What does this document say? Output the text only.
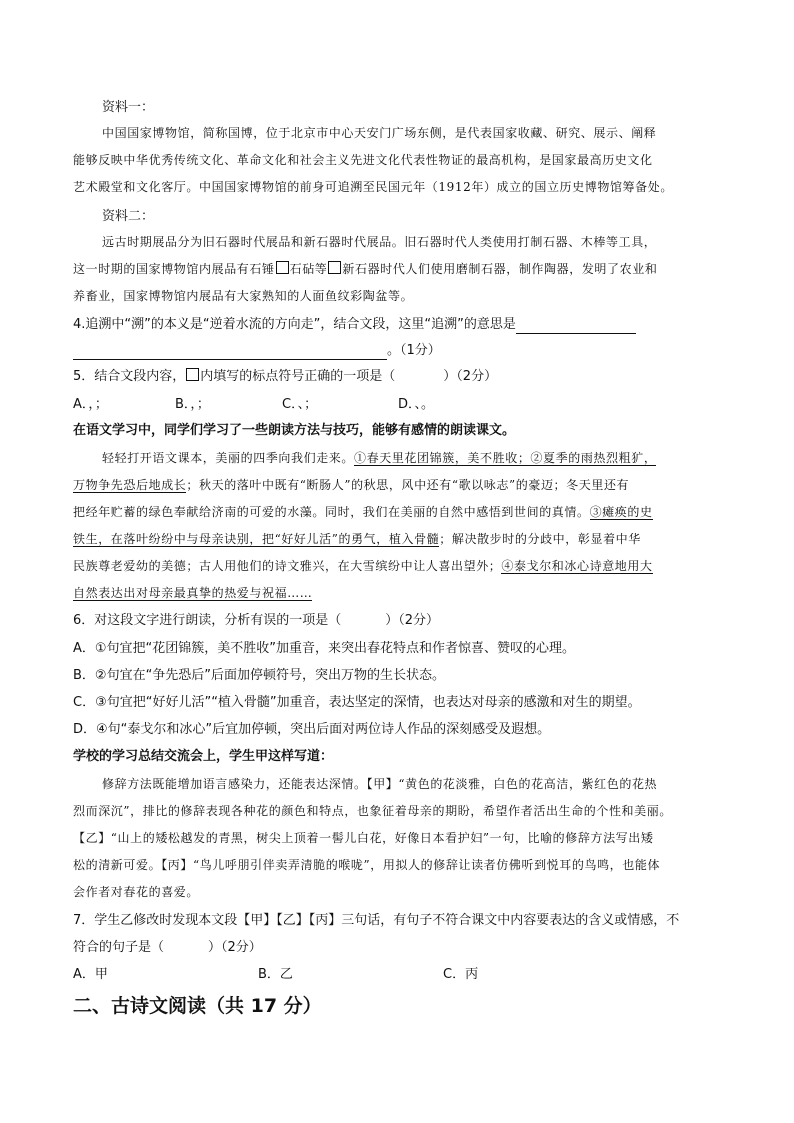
资料一：
中国国家博物馆，简称国博，位于北京市中心天安门广场东侧，是代表国家收藏、研究、展示、阐释
能够反映中华优秀传统文化、革命文化和社会主义先进文化代表性物证的最高机构，是国家最高历史文化
艺术殿堂和文化客厅。中国国家博物馆的前身可追溯至民国元年（1912年）成立的国立历史博物馆筹备处。
资料二：
远古时期展品分为旧石器时代展品和新石器时代展品。旧石器时代人类使用打制石器、木棒等工具，
这一时期的国家博物馆内展品有石锤 石砧等 新石器时代人们使用磨制石器，制作陶器，发明了农业和
养畜业，国家博物馆内展品有大家熟知的人面鱼纹彩陶盆等。
4.追溯中“溯”的本义是“逆着水流的方向走”，结合文段，这里“追溯”的意思是
。（1分）
5．结合文段内容， 内填写的标点符号正确的一项是（	）（2分）
A．，；	B．，；	C．、；	D．、。
在语文学习中，同学们学习了一些朗读方法与技巧，能够有感情的朗读课文。
轻轻打开语文课本，美丽的四季向我们走来。①春天里花团锦簇，美不胜收；②夏季的雨热烈粗犷，
万物争先恐后地成长；秋天的落叶中既有“断肠人”的秋思，风中还有“歌以咏志”的豪迈；冬天里还有
把经年贮蓄的绿色奉献给济南的可爱的水藻。同时，我们在美丽的自然中感悟到世间的真情。③瘫痪的史
铁生，在落叶纷纷中与母亲诀别，把“好好儿活”的勇气，植入骨髓；解决散步时的分歧中，彰显着中华
民族尊老爱幼的美德；古人用他们的诗文雅兴，在大雪缤纷中让人喜出望外；④泰戈尔和冰心诗意地用大
自然表达出对母亲最真挚的热爱与祝福……
6．对这段文字进行朗读，分析有误的一项是（	）（2分）
A．①句宜把“花团锦簇，美不胜收”加重音，来突出春花特点和作者惊喜、赞叹的心理。
B．②句宜在“争先恐后”后面加停顿符号，突出万物的生长状态。
C．③句宜把“好好儿活”“植入骨髓”加重音，表达坚定的深情，也表达对母亲的感激和对生的期望。
D．④句“泰戈尔和冰心”后宜加停顿，突出后面对两位诗人作品的深刻感受及遐想。
学校的学习总结交流会上，学生甲这样写道：
修辞方法既能增加语言感染力，还能表达深情。【甲】“黄色的花淡雅，白色的花高洁，紫红色的花热
烈而深沉”，排比的修辞表现各种花的颜色和特点，也象征着母亲的期盼，希望作者活出生命的个性和美丽。
【乙】“山上的矮松越发的青黑，树尖上顶着一髻儿白花，好像日本看护妇”一句，比喻的修辞方法写出矮
松的清新可爱。【丙】“鸟儿呼朋引伴卖弄清脆的喉咙”，用拟人的修辞让读者仿佛听到悦耳的鸟鸣，也能体
会作者对春花的喜爱。
7．学生乙修改时发现本文段【甲】【乙】【丙】三句话，有句子不符合课文中内容要表达的含义或情感，不
符合的句子是（	）（2分）
A．甲	B．乙	C．丙
二、古诗文阅读（共 17 分）
